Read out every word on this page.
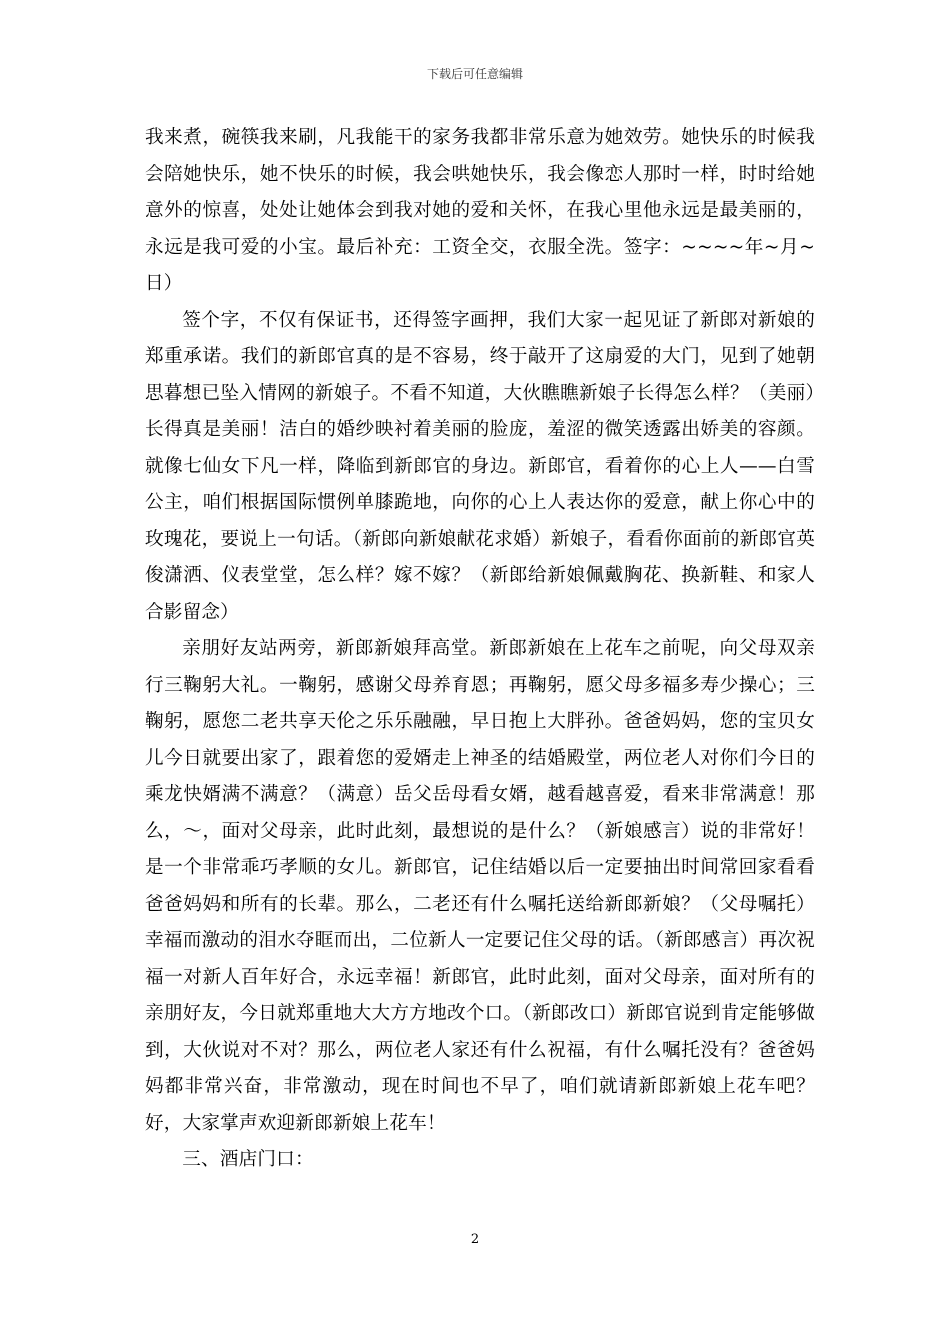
下载后可任意编辑

我来煮，碗筷我来刷，凡我能干的家务我都非常乐意为她效劳。她快乐的时候我会陪她快乐，她不快乐的时候，我会哄她快乐，我会像恋人那时一样，时时给她意外的惊喜，处处让她体会到我对她的爱和关怀，在我心里他永远是最美丽的，永远是我可爱的小宝。最后补充：工资全交，衣服全洗。签字：~~~~年~月~日）

签个字，不仅有保证书，还得签字画押，我们大家一起见证了新郎对新娘的郑重承诺。我们的新郎官真的是不容易，终于敲开了这扇爱的大门，见到了她朝思暮想已坠入情网的新娘子。不看不知道，大伙瞧瞧新娘子长得怎么样？（美丽）长得真是美丽！洁白的婚纱映衬着美丽的脸庞，羞涩的微笑透露出娇美的容颜。就像七仙女下凡一样，降临到新郎官的身边。新郎官，看着你的心上人——白雪公主，咱们根据国际惯例单膝跪地，向你的心上人表达你的爱意，献上你心中的玫瑰花，要说上一句话。（新郎向新娘献花求婚）新娘子，看看你面前的新郎官英俊潇洒、仪表堂堂，怎么样？嫁不嫁？（新郎给新娘佩戴胸花、换新鞋、和家人合影留念）

亲朋好友站两旁，新郎新娘拜高堂。新郎新娘在上花车之前呢，向父母双亲行三鞠躬大礼。一鞠躬，感谢父母养育恩；再鞠躬，愿父母多福多寿少操心；三鞠躬，愿您二老共享天伦之乐乐融融，早日抱上大胖孙。爸爸妈妈，您的宝贝女儿今日就要出家了，跟着您的爱婿走上神圣的结婚殿堂，两位老人对你们今日的乘龙快婿满不满意？（满意）岳父岳母看女婿，越看越喜爱，看来非常满意！那么，～，面对父母亲，此时此刻，最想说的是什么？（新娘感言）说的非常好！是一个非常乖巧孝顺的女儿。新郎官，记住结婚以后一定要抽出时间常回家看看爸爸妈妈和所有的长辈。那么，二老还有什么嘱托送给新郎新娘？（父母嘱托）幸福而激动的泪水夺眶而出，二位新人一定要记住父母的话。（新郎感言）再次祝福一对新人百年好合，永远幸福！新郎官，此时此刻，面对父母亲，面对所有的亲朋好友，今日就郑重地大大方方地改个口。（新郎改口）新郎官说到肯定能够做到，大伙说对不对？那么，两位老人家还有什么祝福，有什么嘱托没有？爸爸妈妈都非常兴奋，非常激动，现在时间也不早了，咱们就请新郎新娘上花车吧？好，大家掌声欢迎新郎新娘上花车！

三、酒店门口：

2
